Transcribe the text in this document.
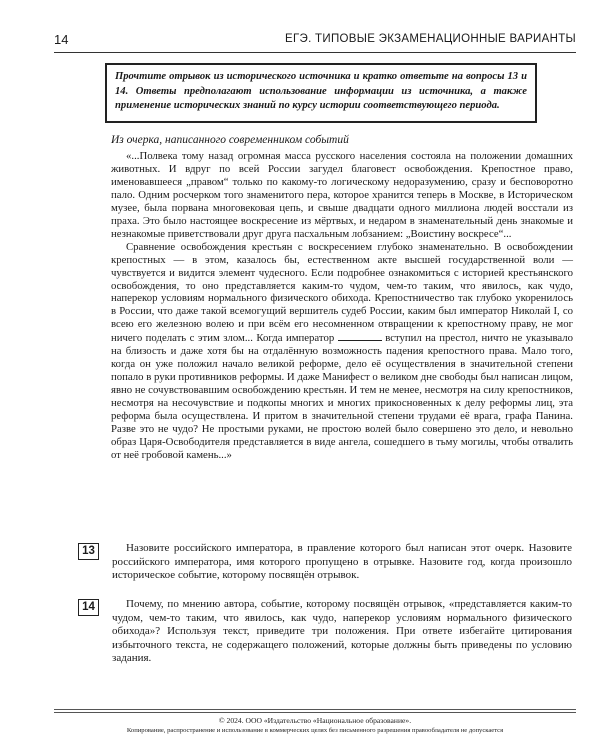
14	ЕГЭ. ТИПОВЫЕ ЭКЗАМЕНАЦИОННЫЕ ВАРИАНТЫ
Прочтите отрывок из исторического источника и кратко ответьте на вопросы 13 и 14. Ответы предполагают использование информации из источника, а также применение исторических знаний по курсу истории соответствующего периода.
Из очерка, написанного современником событий

«...Полвека тому назад огромная масса русского населения состояла на положении домашних животных. И вдруг по всей России загудел благовест освобождения. Крепостное право, именовавшееся „правом“ только по какому-то логическому недоразумению, сразу и бесповоротно пало. Одним росчерком того знаменитого пера, которое хранится теперь в Москве, в Историческом музее, была порвана многовековая цепь, и свыше двадцати одного миллиона людей восстали из праха. Это было настоящее воскресение из мёртвых, и недаром в знаменательный день знакомые и незнакомые приветствовали друг друга пасхальным лобзанием: „Воистину воскресе“...

Сравнение освобождения крестьян с воскресением глубоко знаменательно. В освобождении крепостных — в этом, казалось бы, естественном акте высшей государственной воли — чувствуется и видится элемент чудесного. Если подробнее ознакомиться с историей крестьянского освобождения, то оно представляется каким-то чудом, чем-то таким, что явилось, как чудо, наперекор условиям нормального физического обихода. Крепостничество так глубоко укоренилось в России, что даже такой всемогущий вершитель судеб России, каким был император Николай I, со всею его железною волею и при всём его несомненном отвращении к крепостному праву, не мог ничего поделать с этим злом... Когда император	вступил на престол, ничто не указывало на близость и даже хотя бы на отдалённую возможность падения крепостного права. Мало того, когда он уже положил начало великой реформе, дело её осуществления в значительной степени попало в руки противников реформы. И даже Манифест о великом дне свободы был написан лицом, явно не сочувствовавшим освобождению крестьян. И тем не менее, несмотря на силу крепостников, несмотря на несочувствие и подкопы многих и многих прикосновенных к делу реформы лиц, эта реформа была осуществлена. И притом в значительной степени трудами её врага, графа Панина. Разве это не чудо? Не простыми руками, не простою волей было совершено это дело, и невольно образ Царя-Освободителя представляется в виде ангела, сошедшего в тьму могилы, чтобы отвалить от неё гробовой камень...»

13	Назовите российского императора, в правление которого был написан этот очерк. Назовите российского императора, имя которого пропущено в отрывке. Назовите год, когда произошло историческое событие, которому посвящён отрывок.

14	Почему, по мнению автора, событие, которому посвящён отрывок, «представляется каким-то чудом, чем-то таким, что явилось, как чудо, наперекор условиям нормального физического обихода»? Используя текст, приведите три положения. При ответе избегайте цитирования избыточного текста, не содержащего положений, которые должны быть приведены по условию задания.

© 2024. ООО «Издательство «Национальное образование».
Копирование, распространение и использование в коммерческих целях без письменного разрешения правообладателя не допускается
